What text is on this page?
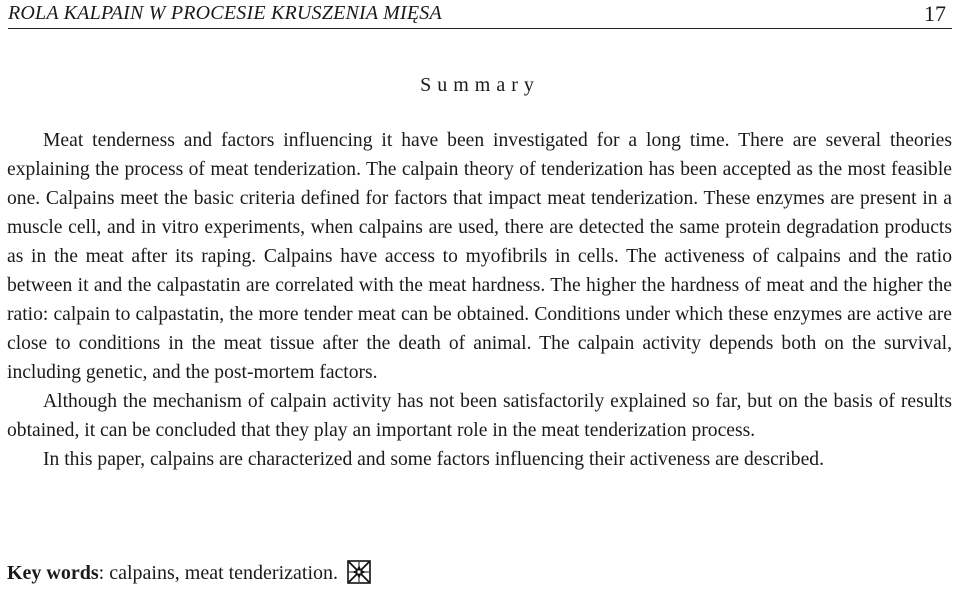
ROLA KALPAIN W PROCESIE KRUSZENIA MIĘSA	17
Summary

Meat tenderness and factors influencing it have been investigated for a long time. There are several theories explaining the process of meat tenderization. The calpain theory of tenderization has been accepted as the most feasible one. Calpains meet the basic criteria defined for factors that impact meat tenderization. These enzymes are present in a muscle cell, and in vitro experiments, when calpains are used, there are detected the same protein degradation products as in the meat after its raping. Calpains have access to myofibrils in cells. The activeness of calpains and the ratio between it and the calpastatin are correlated with the meat hardness. The higher the hardness of meat and the higher the ratio: calpain to calpastatin, the more tender meat can be obtained. Conditions under which these enzymes are active are close to conditions in the meat tissue after the death of animal. The calpain activity depends both on the survival, including genetic, and the post-mortem factors.

Although the mechanism of calpain activity has not been satisfactorily explained so far, but on the basis of results obtained, it can be concluded that they play an important role in the meat tenderization process.

In this paper, calpains are characterized and some factors influencing their activeness are described.

Key words: calpains, meat tenderization.
